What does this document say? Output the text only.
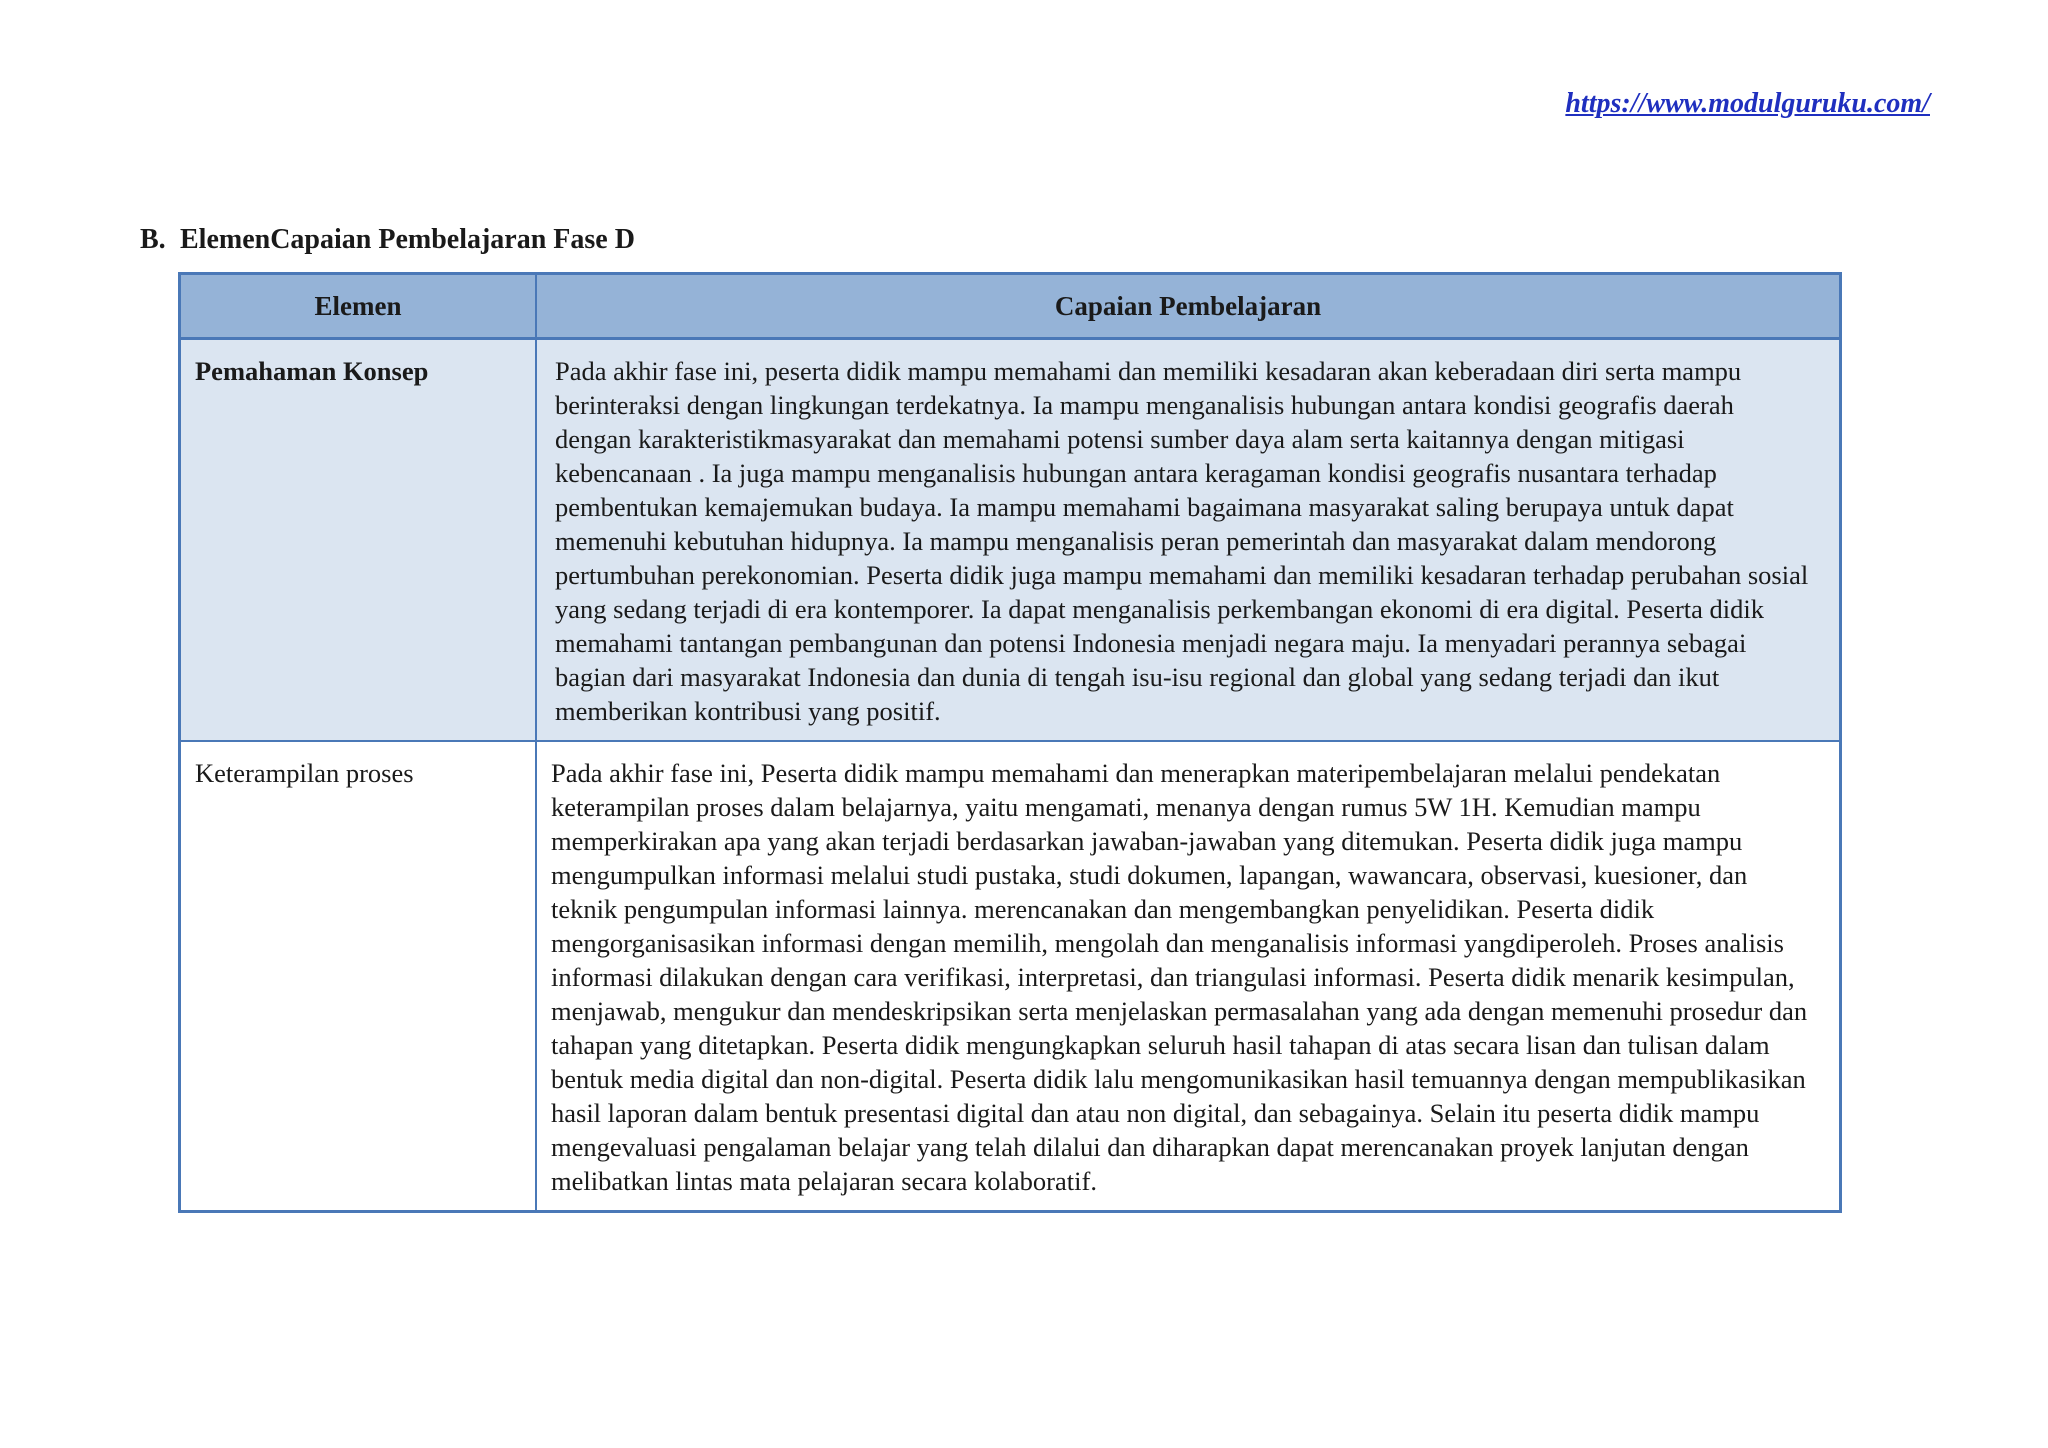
https://www.modulguruku.com/
B. ElemenCapaian Pembelajaran Fase D
Elemen	Capaian Pembelajaran
Pemahaman Konsep	Pada akhir fase ini, peserta didik mampu memahami dan memiliki kesadaran akan keberadaan diri serta mampu berinteraksi dengan lingkungan terdekatnya. Ia mampu menganalisis hubungan antara kondisi geografis daerah dengan karakteristikmasyarakat dan memahami potensi sumber daya alam serta kaitannya dengan mitigasi kebencanaan . Ia juga mampu menganalisis hubungan antara keragaman kondisi geografis nusantara terhadap pembentukan kemajemukan budaya. Ia mampu memahami bagaimana masyarakat saling berupaya untuk dapat memenuhi kebutuhan hidupnya. Ia mampu menganalisis peran pemerintah dan masyarakat dalam mendorong pertumbuhan perekonomian. Peserta didik juga mampu memahami dan memiliki kesadaran terhadap perubahan sosial yang sedang terjadi di era kontemporer. Ia dapat menganalisis perkembangan ekonomi di era digital. Peserta didik memahami tantangan pembangunan dan potensi Indonesia menjadi negara maju. Ia menyadari perannya sebagai bagian dari masyarakat Indonesia dan dunia di tengah isu-isu regional dan global yang sedang terjadi dan ikut memberikan kontribusi yang positif.
Keterampilan proses	Pada akhir fase ini, Peserta didik mampu memahami dan menerapkan materipembelajaran melalui pendekatan keterampilan proses dalam belajarnya, yaitu mengamati, menanya dengan rumus 5W 1H. Kemudian mampu memperkirakan apa yang akan terjadi berdasarkan jawaban-jawaban yang ditemukan. Peserta didik juga mampu mengumpulkan informasi melalui studi pustaka, studi dokumen, lapangan, wawancara, observasi, kuesioner, dan teknik pengumpulan informasi lainnya. merencanakan dan mengembangkan penyelidikan. Peserta didik mengorganisasikan informasi dengan memilih, mengolah dan menganalisis informasi yangdiperoleh. Proses analisis informasi dilakukan dengan cara verifikasi, interpretasi, dan triangulasi informasi. Peserta didik menarik kesimpulan, menjawab, mengukur dan mendeskripsikan serta menjelaskan permasalahan yang ada dengan memenuhi prosedur dan tahapan yang ditetapkan. Peserta didik mengungkapkan seluruh hasil tahapan di atas secara lisan dan tulisan dalam bentuk media digital dan non-digital. Peserta didik lalu mengomunikasikan hasil temuannya dengan mempublikasikan hasil laporan dalam bentuk presentasi digital dan atau non digital, dan sebagainya. Selain itu peserta didik mampu mengevaluasi pengalaman belajar yang telah dilalui dan diharapkan dapat merencanakan proyek lanjutan dengan melibatkan lintas mata pelajaran secara kolaboratif.
